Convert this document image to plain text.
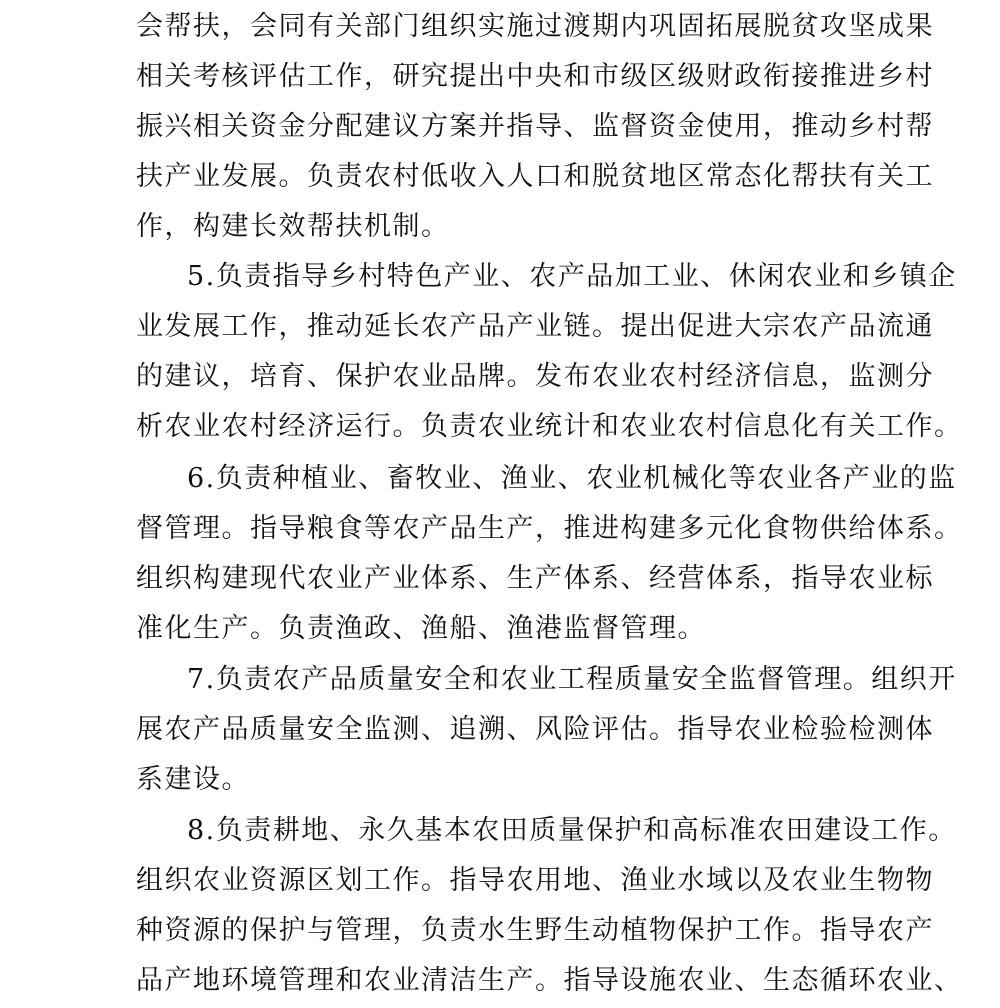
会帮扶，会同有关部门组织实施过渡期内巩固拓展脱贫攻坚成果
相关考核评估工作，研究提出中央和市级区级财政衔接推进乡村
振兴相关资金分配建议方案并指导、监督资金使用，推动乡村帮
扶产业发展。负责农村低收入人口和脱贫地区常态化帮扶有关工
作，构建长效帮扶机制。
5.负责指导乡村特色产业、农产品加工业、休闲农业和乡镇企
业发展工作，推动延长农产品产业链。提出促进大宗农产品流通
的建议，培育、保护农业品牌。发布农业农村经济信息，监测分
析农业农村经济运行。负责农业统计和农业农村信息化有关工作。
6.负责种植业、畜牧业、渔业、农业机械化等农业各产业的监
督管理。指导粮食等农产品生产，推进构建多元化食物供给体系。
组织构建现代农业产业体系、生产体系、经营体系，指导农业标
准化生产。负责渔政、渔船、渔港监督管理。
7.负责农产品质量安全和农业工程质量安全监督管理。组织开
展农产品质量安全监测、追溯、风险评估。指导农业检验检测体
系建设。
8.负责耕地、永久基本农田质量保护和高标准农田建设工作。
组织农业资源区划工作。指导农用地、渔业水域以及农业生物物
种资源的保护与管理，负责水生野生动植物保护工作。指导农产
品产地环境管理和农业清洁生产。指导设施农业、生态循环农业、
